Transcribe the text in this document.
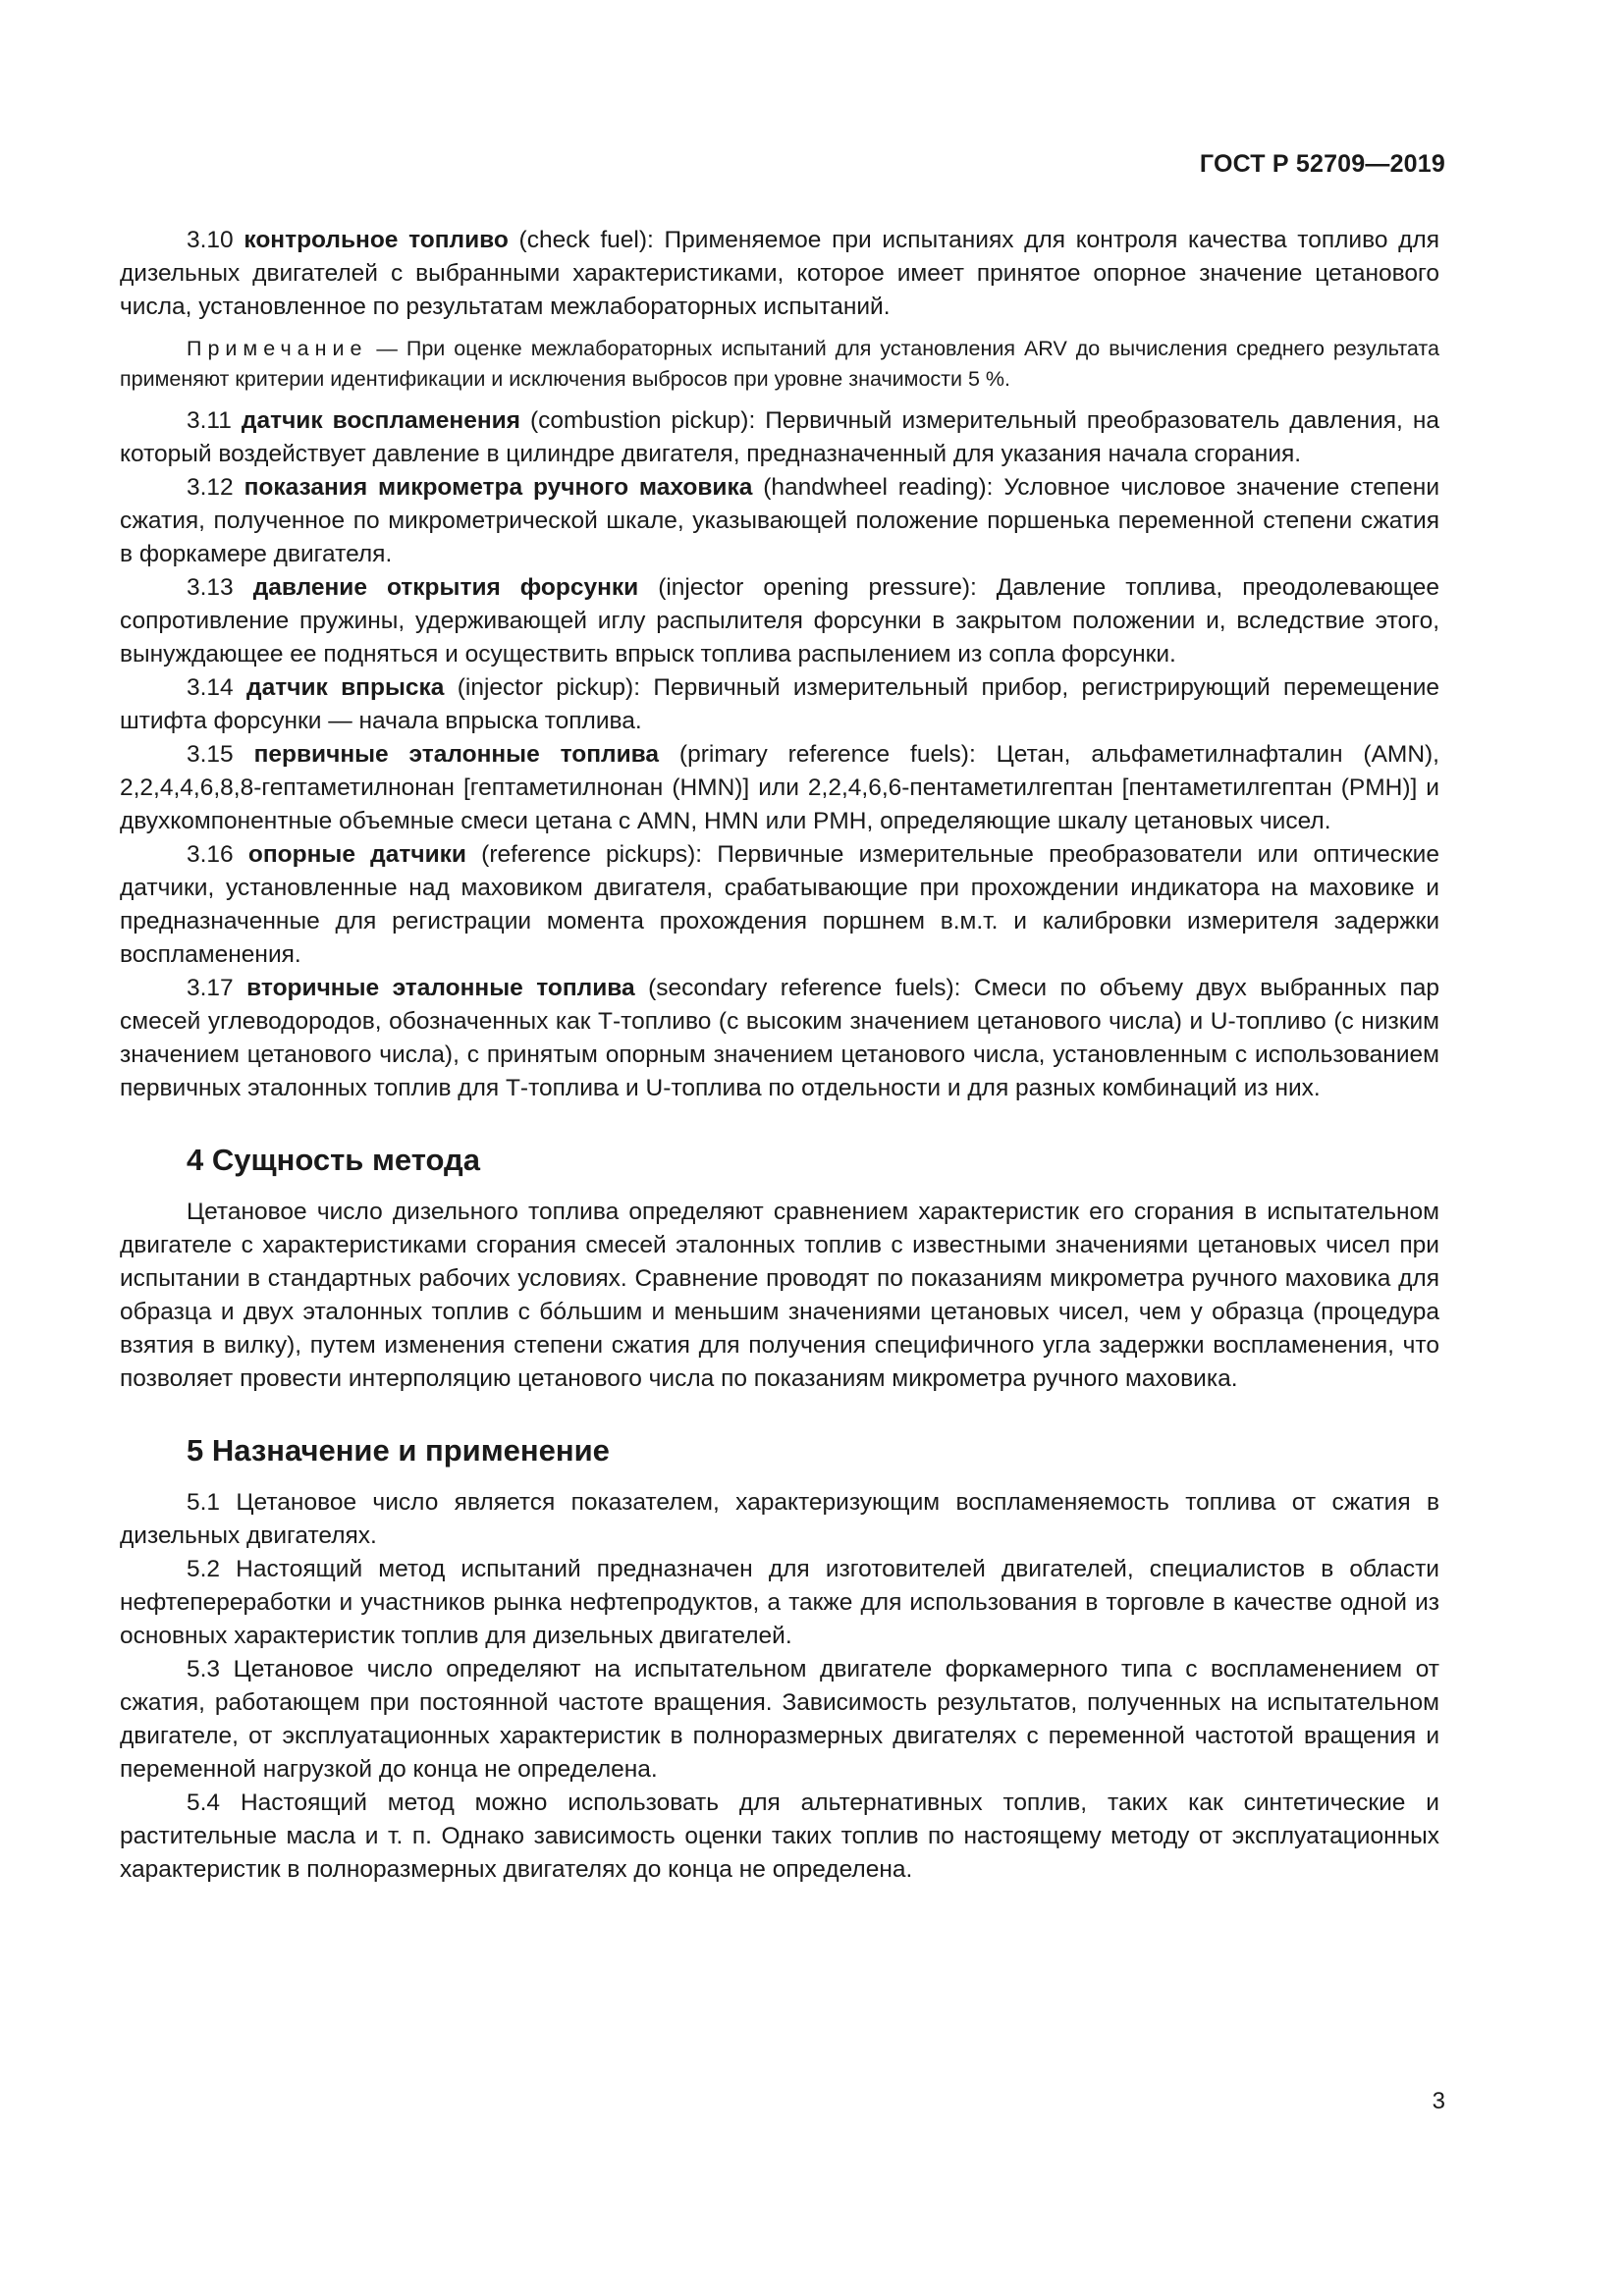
ГОСТ Р 52709—2019

3.10 контрольное топливо (check fuel): Применяемое при испытаниях для контроля качества топливо для дизельных двигателей с выбранными характеристиками, которое имеет принятое опорное значение цетанового числа, установленное по результатам межлабораторных испытаний.

Примечание — При оценке межлабораторных испытаний для установления ARV до вычисления среднего результата применяют критерии идентификации и исключения выбросов при уровне значимости 5 %.

3.11 датчик воспламенения (combustion pickup): Первичный измерительный преобразователь давления, на который воздействует давление в цилиндре двигателя, предназначенный для указания начала сгорания.

3.12 показания микрометра ручного маховика (handwheel reading): Условное числовое значение степени сжатия, полученное по микрометрической шкале, указывающей положение поршенька переменной степени сжатия в форкамере двигателя.

3.13 давление открытия форсунки (injector opening pressure): Давление топлива, преодолевающее сопротивление пружины, удерживающей иглу распылителя форсунки в закрытом положении и, вследствие этого, вынуждающее ее подняться и осуществить впрыск топлива распылением из сопла форсунки.

3.14 датчик впрыска (injector pickup): Первичный измерительный прибор, регистрирующий перемещение штифта форсунки — начала впрыска топлива.

3.15 первичные эталонные топлива (primary reference fuels): Цетан, альфаметилнафталин (AMN), 2,2,4,4,6,8,8-гептаметилнонан [гептаметилнонан (HMN)] или 2,2,4,6,6-пентаметилгептан [пентаметилгептан (PMH)] и двухкомпонентные объемные смеси цетана с AMN, HMN или PMH, определяющие шкалу цетановых чисел.

3.16 опорные датчики (reference pickups): Первичные измерительные преобразователи или оптические датчики, установленные над маховиком двигателя, срабатывающие при прохождении индикатора на маховике и предназначенные для регистрации момента прохождения поршнем в.м.т. и калибровки измерителя задержки воспламенения.

3.17 вторичные эталонные топлива (secondary reference fuels): Смеси по объему двух выбранных пар смесей углеводородов, обозначенных как Т-топливо (с высоким значением цетанового числа) и U-топливо (с низким значением цетанового числа), с принятым опорным значением цетанового числа, установленным с использованием первичных эталонных топлив для Т-топлива и U-топлива по отдельности и для разных комбинаций из них.

4 Сущность метода

Цетановое число дизельного топлива определяют сравнением характеристик его сгорания в испытательном двигателе с характеристиками сгорания смесей эталонных топлив с известными значениями цетановых чисел при испытании в стандартных рабочих условиях. Сравнение проводят по показаниям микрометра ручного маховика для образца и двух эталонных топлив с бóльшим и меньшим значениями цетановых чисел, чем у образца (процедура взятия в вилку), путем изменения степени сжатия для получения специфичного угла задержки воспламенения, что позволяет провести интерполяцию цетанового числа по показаниям микрометра ручного маховика.

5 Назначение и применение

5.1 Цетановое число является показателем, характеризующим воспламеняемость топлива от сжатия в дизельных двигателях.

5.2 Настоящий метод испытаний предназначен для изготовителей двигателей, специалистов в области нефтепереработки и участников рынка нефтепродуктов, а также для использования в торговле в качестве одной из основных характеристик топлив для дизельных двигателей.

5.3 Цетановое число определяют на испытательном двигателе форкамерного типа с воспламенением от сжатия, работающем при постоянной частоте вращения. Зависимость результатов, полученных на испытательном двигателе, от эксплуатационных характеристик в полноразмерных двигателях с переменной частотой вращения и переменной нагрузкой до конца не определена.

5.4 Настоящий метод можно использовать для альтернативных топлив, таких как синтетические и растительные масла и т. п. Однако зависимость оценки таких топлив по настоящему методу от эксплуатационных характеристик в полноразмерных двигателях до конца не определена.

3
